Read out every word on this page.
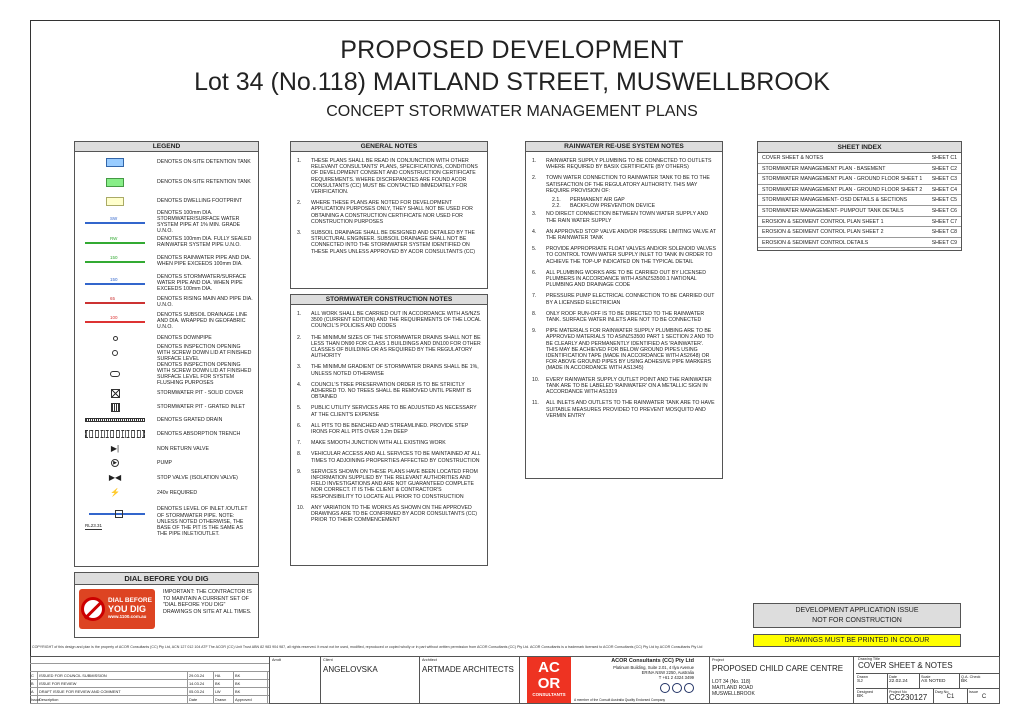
PROPOSED DEVELOPMENT
Lot 34 (No.118) MAITLAND STREET, MUSWELLBROOK
CONCEPT STORMWATER MANAGEMENT PLANS
LEGEND
DENOTES ON-SITE DETENTION TANK
DENOTES ON-SITE RETENTION TANK
DENOTES DWELLING FOOTPRINT
SW
DENOTES 100mm DIA. STORMWATER/SURFACE WATER SYSTEM PIPE AT 1% MIN. GRADE U.N.O.
RW	DENOTES 100mm DIA. FULLY SEALED RAINWATER SYSTEM PIPE U.N.O.
150	DENOTES RAINWATER PIPE AND DIA. WHEN PIPE EXCEEDS 100mm DIA.
150	DENOTES STORMWATER/SURFACE WATER PIPE AND DIA. WHEN PIPE EXCEEDS 100mm DIA.
65	DENOTES RISING MAIN AND PIPE DIA. U.N.O.
100	DENOTES SUBSOIL DRAINAGE LINE AND DIA. WRAPPED IN GEOFABRIC U.N.O.
DENOTES DOWNPIPE
DENOTES INSPECTION OPENING WITH SCREW DOWN LID AT FINISHED SURFACE LEVEL
DENOTES INSPECTION OPENING WITH SCREW DOWN LID AT FINISHED SURFACE LEVEL FOR SYSTEM FLUSHING PURPOSES
STORMWATER PIT - SOLID COVER
STORMWATER PIT - GRATED INLET
DENOTES GRATED DRAIN
DENOTES ABSORPTION TRENCH
▶|	NON RETURN VALVE
▶	PUMP
▶◀	STOP VALVE (ISOLATION VALVE)
⚡	240v REQUIRED
RL23.31
DENOTES LEVEL OF INLET /OUTLET OF STORMWATER PIPE. NOTE: UNLESS NOTED OTHERWISE, THE BASE OF THE PIT IS THE SAME AS THE PIPE INLET/OUTLET.
DIAL BEFORE YOU DIG
DIAL BEFORE
YOU DIG
www.1100.com.au
IMPORTANT: THE CONTRACTOR IS TO MAINTAIN A CURRENT SET OF "DIAL BEFORE YOU DIG" DRAWINGS ON SITE AT ALL TIMES.
GENERAL NOTES
1.	THESE PLANS SHALL BE READ IN CONJUNCTION WITH OTHER RELEVANT CONSULTANTS' PLANS, SPECIFICATIONS, CONDITIONS OF DEVELOPMENT CONSENT AND CONSTRUCTION CERTIFICATE REQUIREMENTS. WHERE DISCREPANCIES ARE FOUND ACOR CONSULTANTS (CC) MUST BE CONTACTED IMMEDIATELY FOR VERIFICATION.
2.	WHERE THESE PLANS ARE NOTED FOR DEVELOPMENT APPLICATION PURPOSES ONLY, THEY SHALL NOT BE USED FOR OBTAINING A CONSTRUCTION CERTIFICATE NOR USED FOR CONSTRUCTION PURPOSES
3.	SUBSOIL DRAINAGE SHALL BE DESIGNED AND DETAILED BY THE STRUCTURAL ENGINEER. SUBSOIL DRAINAGE SHALL NOT BE CONNECTED INTO THE STORMWATER SYSTEM IDENTIFIED ON THESE PLANS UNLESS APPROVED BY ACOR CONSULTANTS (CC)
STORMWATER CONSTRUCTION NOTES
1.	ALL WORK SHALL BE CARRIED OUT IN ACCORDANCE WITH AS/NZS 3500 (CURRENT EDITION) AND THE REQUIREMENTS OF THE LOCAL COUNCIL'S POLICIES AND CODES
2.	THE MINIMUM SIZES OF THE STORMWATER DRAINS SHALL NOT BE LESS THAN DN90 FOR CLASS 1 BUILDINGS AND DN100 FOR OTHER CLASSES OF BUILDING OR AS REQUIRED BY THE REGULATORY AUTHORITY
3.	THE MINIMUM GRADIENT OF STORMWATER DRAINS SHALL BE 1%, UNLESS NOTED OTHERWISE
4.	COUNCIL'S TREE PRESERVATION ORDER IS TO BE STRICTLY ADHERED TO. NO TREES SHALL BE REMOVED UNTIL PERMIT IS OBTAINED
5.	PUBLIC UTILITY SERVICES ARE TO BE ADJUSTED AS NECESSARY AT THE CLIENT'S EXPENSE
6.	ALL PITS TO BE BENCHED AND STREAMLINED. PROVIDE STEP IRONS FOR ALL PITS OVER 1.2m DEEP
7.	MAKE SMOOTH JUNCTION WITH ALL EXISTING WORK
8.	VEHICULAR ACCESS AND ALL SERVICES TO BE MAINTAINED AT ALL TIMES TO ADJOINING PROPERTIES AFFECTED BY CONSTRUCTION
9.	SERVICES SHOWN ON THESE PLANS HAVE BEEN LOCATED FROM INFORMATION SUPPLIED BY THE RELEVANT AUTHORITIES AND FIELD INVESTIGATIONS AND ARE NOT GUARANTEED COMPLETE NOR CORRECT. IT IS THE CLIENT & CONTRACTOR'S RESPONSIBILITY TO LOCATE ALL PRIOR TO CONSTRUCTION
10.	ANY VARIATION TO THE WORKS AS SHOWN ON THE APPROVED DRAWINGS ARE TO BE CONFIRMED BY ACOR CONSULTANTS (CC) PRIOR TO THEIR COMMENCEMENT
RAINWATER RE-USE SYSTEM NOTES
1.	RAINWATER SUPPLY PLUMBING TO BE CONNECTED TO OUTLETS WHERE REQUIRED BY BASIX CERTIFICATE (BY OTHERS)
2.	TOWN WATER CONNECTION TO RAINWATER TANK TO BE TO THE SATISFACTION OF THE REGULATORY AUTHORITY. THIS MAY REQUIRE PROVISION OF:
2.1.	PERMANENT AIR GAP
2.2.	BACKFLOW PREVENTION DEVICE
3.	NO DIRECT CONNECTION BETWEEN TOWN WATER SUPPLY AND THE RAIN WATER SUPPLY
4.	AN APPROVED STOP VALVE AND/OR PRESSURE LIMITING VALVE AT THE RAINWATER TANK
5.	PROVIDE APPROPRIATE FLOAT VALVES AND/OR SOLENOID VALVES TO CONTROL TOWN WATER SUPPLY INLET TO TANK IN ORDER TO ACHIEVE THE TOP-UP INDICATED ON THE TYPICAL DETAIL
6.	ALL PLUMBING WORKS ARE TO BE CARRIED OUT BY LICENSED PLUMBERS IN ACCORDANCE WITH AS/NZS3500.1 NATIONAL PLUMBING AND DRAINAGE CODE
7.	PRESSURE PUMP ELECTRICAL CONNECTION TO BE CARRIED OUT BY A LICENSED ELECTRICIAN
8.	ONLY ROOF RUN-OFF IS TO BE DIRECTED TO THE RAINWATER TANK. SURFACE WATER INLETS ARE NOT TO BE CONNECTED
9.	PIPE MATERIALS FOR RAINWATER SUPPLY PLUMBING ARE TO BE APPROVED MATERIALS TO AS/NZS3500 PART 1 SECTION 2 AND TO BE CLEARLY AND PERMANENTLY IDENTIFIED AS 'RAINWATER'. THIS MAY BE ACHIEVED FOR BELOW GROUND PIPES USING IDENTIFICATION TAPE (MADE IN ACCORDANCE WITH AS2648) OR FOR ABOVE GROUND PIPES BY USING ADHESIVE PIPE MARKERS (MADE IN ACCORDANCE WITH AS1345)
10.	EVERY RAINWATER SUPPLY OUTLET POINT AND THE RAINWATER TANK ARE TO BE LABELED 'RAINWATER' ON A METALLIC SIGN IN ACCORDANCE WITH AS1319
11.	ALL INLETS AND OUTLETS TO THE RAINWATER TANK ARE TO HAVE SUITABLE MEASURES PROVIDED TO PREVENT MOSQUITO AND VERMIN ENTRY
SHEET INDEX
COVER SHEET & NOTES	SHEET C1
STORMWATER MANAGEMENT PLAN - BASEMENT	SHEET C2
STORMWATER MANAGEMENT PLAN - GROUND FLOOR SHEET 1 SHEET C3
STORMWATER MANAGEMENT PLAN - GROUND FLOOR SHEET 2 SHEET C4
STORMWATER MANAGEMENT- OSD DETAILS & SECTIONS	SHEET C5
STORMWATER MANAGEMENT- PUMPOUT TANK DETAILS	SHEET C6
EROSION & SEDIMENT CONTROL PLAN SHEET 1	SHEET C7
EROSION & SEDIMENT CONTROL PLAN SHEET 2	SHEET C8
EROSION & SEDIMENT CONTROL DETAILS	SHEET C9
DEVELOPMENT APPLICATION ISSUE
NOT FOR CONSTRUCTION
DRAWINGS MUST BE PRINTED IN COLOUR
COPYRIGHT of this design and plan is the property of ACOR Consultants (CC) Pty Ltd, ACN 127 012 104 ATF The ACOR (CC) Unit Trust ABN 82 983 904 987, all rights reserved. It must not be used, modified, reproduced or copied wholly or in part without written permission from ACOR Consultants (CC) Pty Ltd. ACOR Consultants is a trademark licensed to ACOR Consultants (CC) Pty Ltd by ACOR Consultants Pty Ltd
C	ISSUED FOR COUNCIL SUBMISSION	29.03.24	HA	BK
B	ISSUE FOR REVIEW	14.03.24	BK	BK
A	DRAFT ISSUE FOR REVIEW AND COMMENT	05.03.24	LW	BK
Issue
Description	Date	Drawn	Approved
Amdt	Client
ANGELOVSKA
Architect
ARTMADE ARCHITECTS	AC
OR
CONSULTANTS
ACOR Consultants (CC) Pty Ltd
Platinum Building, Suite 2.01, 4 Ilya Avenue
ERINA NSW 2250, Australia
T +61 2 4324 3499
A member of the Consult Australia Quality Endorsed Company
Project
PROPOSED CHILD CARE CENTRE
LOT 34 (No. 118)
MAITLAND ROAD
MUSWELLBROOK
Drawing Title
COVER SHEET & NOTES
Drawn
SJ
Date
22.02.24
Scale
AS NOTED
Q.A. Check
BK
Designed
BK
Project No
CC230127
Dwg No
C1
Issue
C
